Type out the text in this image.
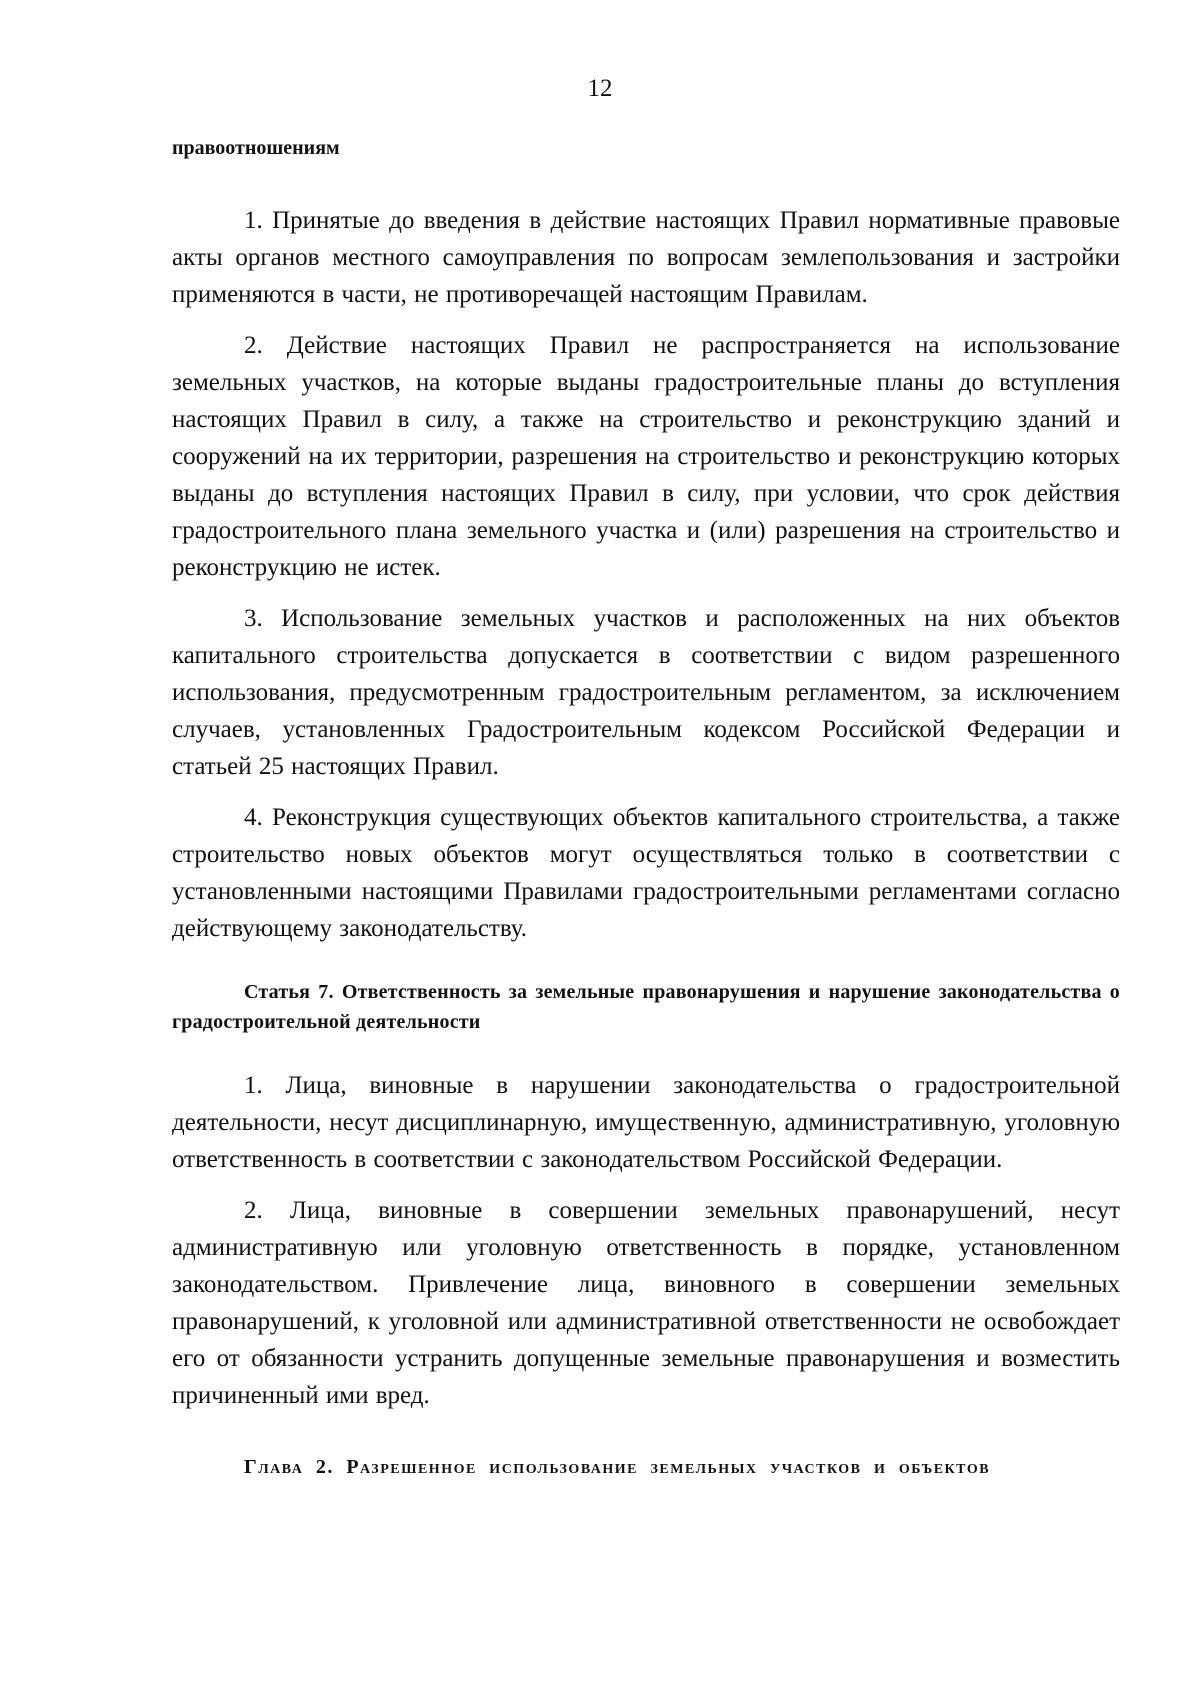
12
правоотношениям

1. Принятые до введения в действие настоящих Правил нормативные правовые акты органов местного самоуправления по вопросам землепользования и застройки применяются в части, не противоречащей настоящим Правилам.

2. Действие настоящих Правил не распространяется на использование земельных участков, на которые выданы градостроительные планы до вступления настоящих Правил в силу, а также на строительство и реконструкцию зданий и сооружений на их территории, разрешения на строительство и реконструкцию которых выданы до вступления настоящих Правил в силу, при условии, что срок действия градостроительного плана земельного участка и (или) разрешения на строительство и реконструкцию не истек.

3. Использование земельных участков и расположенных на них объектов капитального строительства допускается в соответствии с видом разрешенного использования, предусмотренным градостроительным регламентом, за исключением случаев, установленных Градостроительным кодексом Российской Федерации и статьей 25 настоящих Правил.

4. Реконструкция существующих объектов капитального строительства, а также строительство новых объектов могут осуществляться только в соответствии с установленными настоящими Правилами градостроительными регламентами согласно действующему законодательству.

Статья 7. Ответственность за земельные правонарушения и нарушение законодательства о градостроительной деятельности

1. Лица, виновные в нарушении законодательства о градостроительной деятельности, несут дисциплинарную, имущественную, административную, уголовную ответственность в соответствии с законодательством Российской Федерации.

2. Лица, виновные в совершении земельных правонарушений, несут административную или уголовную ответственность в порядке, установленном законодательством. Привлечение лица, виновного в совершении земельных правонарушений, к уголовной или административной ответственности не освобождает его от обязанности устранить допущенные земельные правонарушения и возместить причиненный ими вред.

Глава 2. Разрешенное использование земельных участков и объектов
